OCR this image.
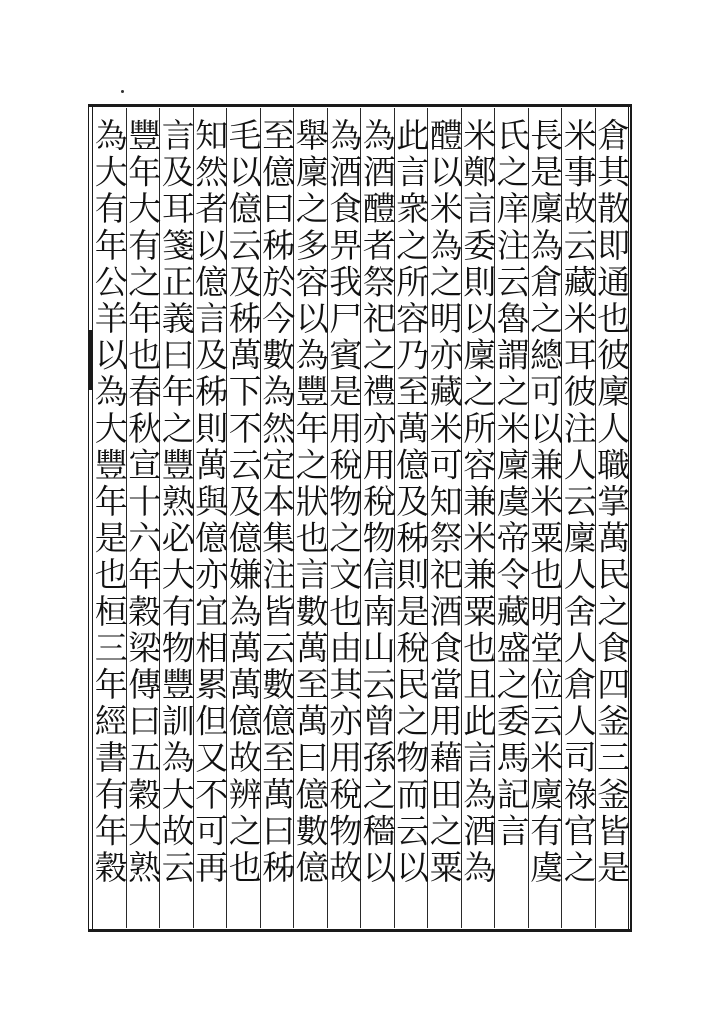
倉其散即通也彼廩人職掌萬民之食四釜三釜皆是
米事故云藏米耳彼注人云廩人舍人倉人司祿官之
長是廩為倉之總可以兼米粟也明堂位云米廩有虞
氏之庠注云魯謂之米廩虞帝令藏盛之委馬記言
米鄭言委則以廩之所容兼米兼粟也且此言為酒為
醴以米為之明亦藏米可知祭祀酒食當用藉田之粟
此言衆之所容乃至萬億及秭則是稅民之物而云以
為酒醴者祭祀之禮亦用稅物信南山云曾孫之穡以
為酒食畀我尸賓是用稅物之文也由其亦用稅物故
舉廩之多容以為豐年之狀也言數萬至萬曰億數億
至億曰秭於今數為然定本集注皆云數億至萬曰秭
毛以億云及秭萬下不云及億嫌為萬萬億故辨之也
知然者以億言及秭則萬與億亦宜相累但又不可再
言及耳箋正義曰年之豐熟必大有物豐訓為大故云
豐年大有之年也春秋宣十六年穀梁傳曰五穀大熟
為大有年公羊以為大豐年是也桓三年經書有年穀
